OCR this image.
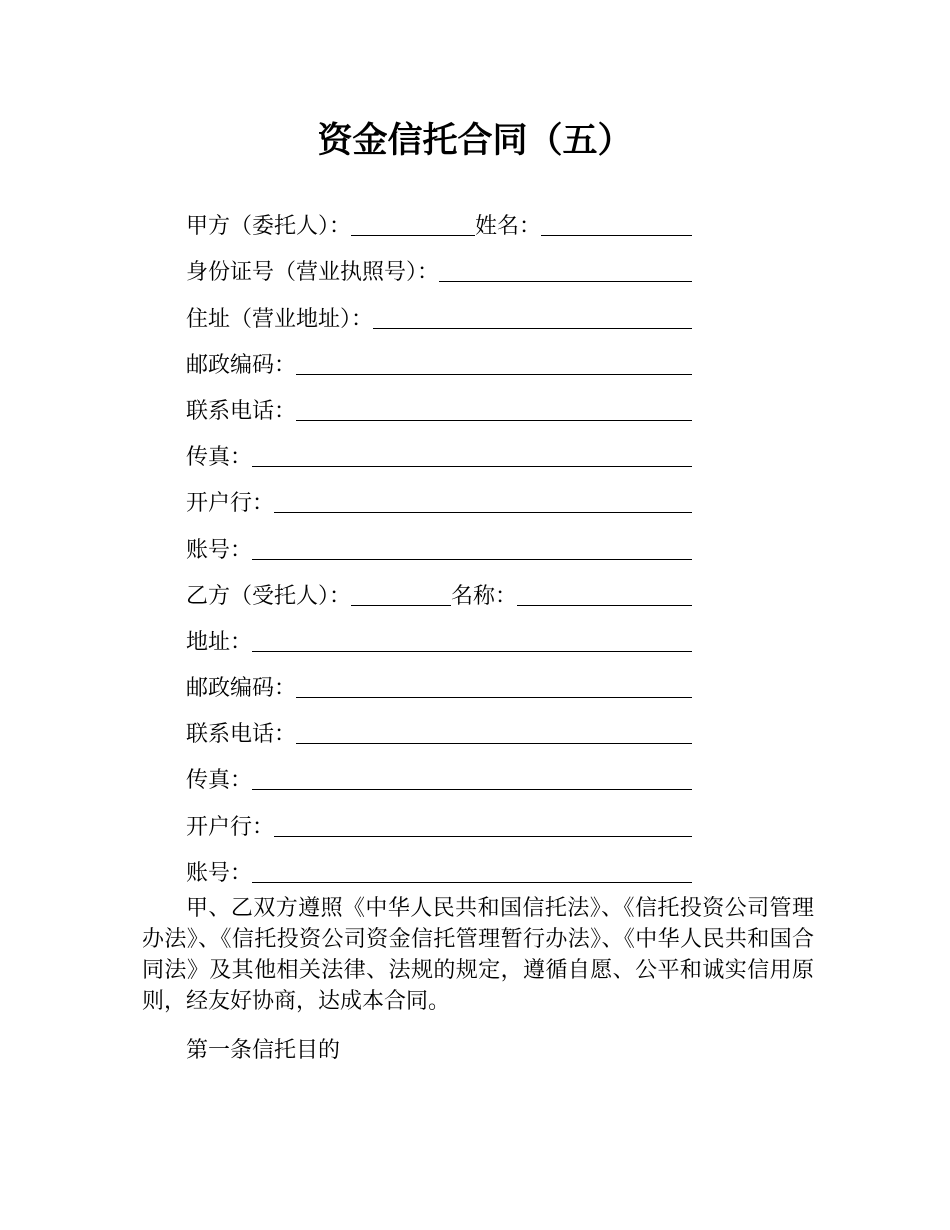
资金信托合同（五）
甲方（委托人）：	姓名：
身份证号（营业执照号）：
住址（营业地址）：
邮政编码：
联系电话：
传真：
开户行：
账号：
乙方（受托人）：	名称：
地址：
邮政编码：
联系电话：
传真：
开户行：
账号：

甲、乙双方遵照《中华人民共和国信托法》、《信托投资公司管理办法》、《信托投资公司资金信托管理暂行办法》、《中华人民共和国合同法》及其他相关法律、法规的规定，遵循自愿、公平和诚实信用原则，经友好协商，达成本合同。

第一条信托目的
